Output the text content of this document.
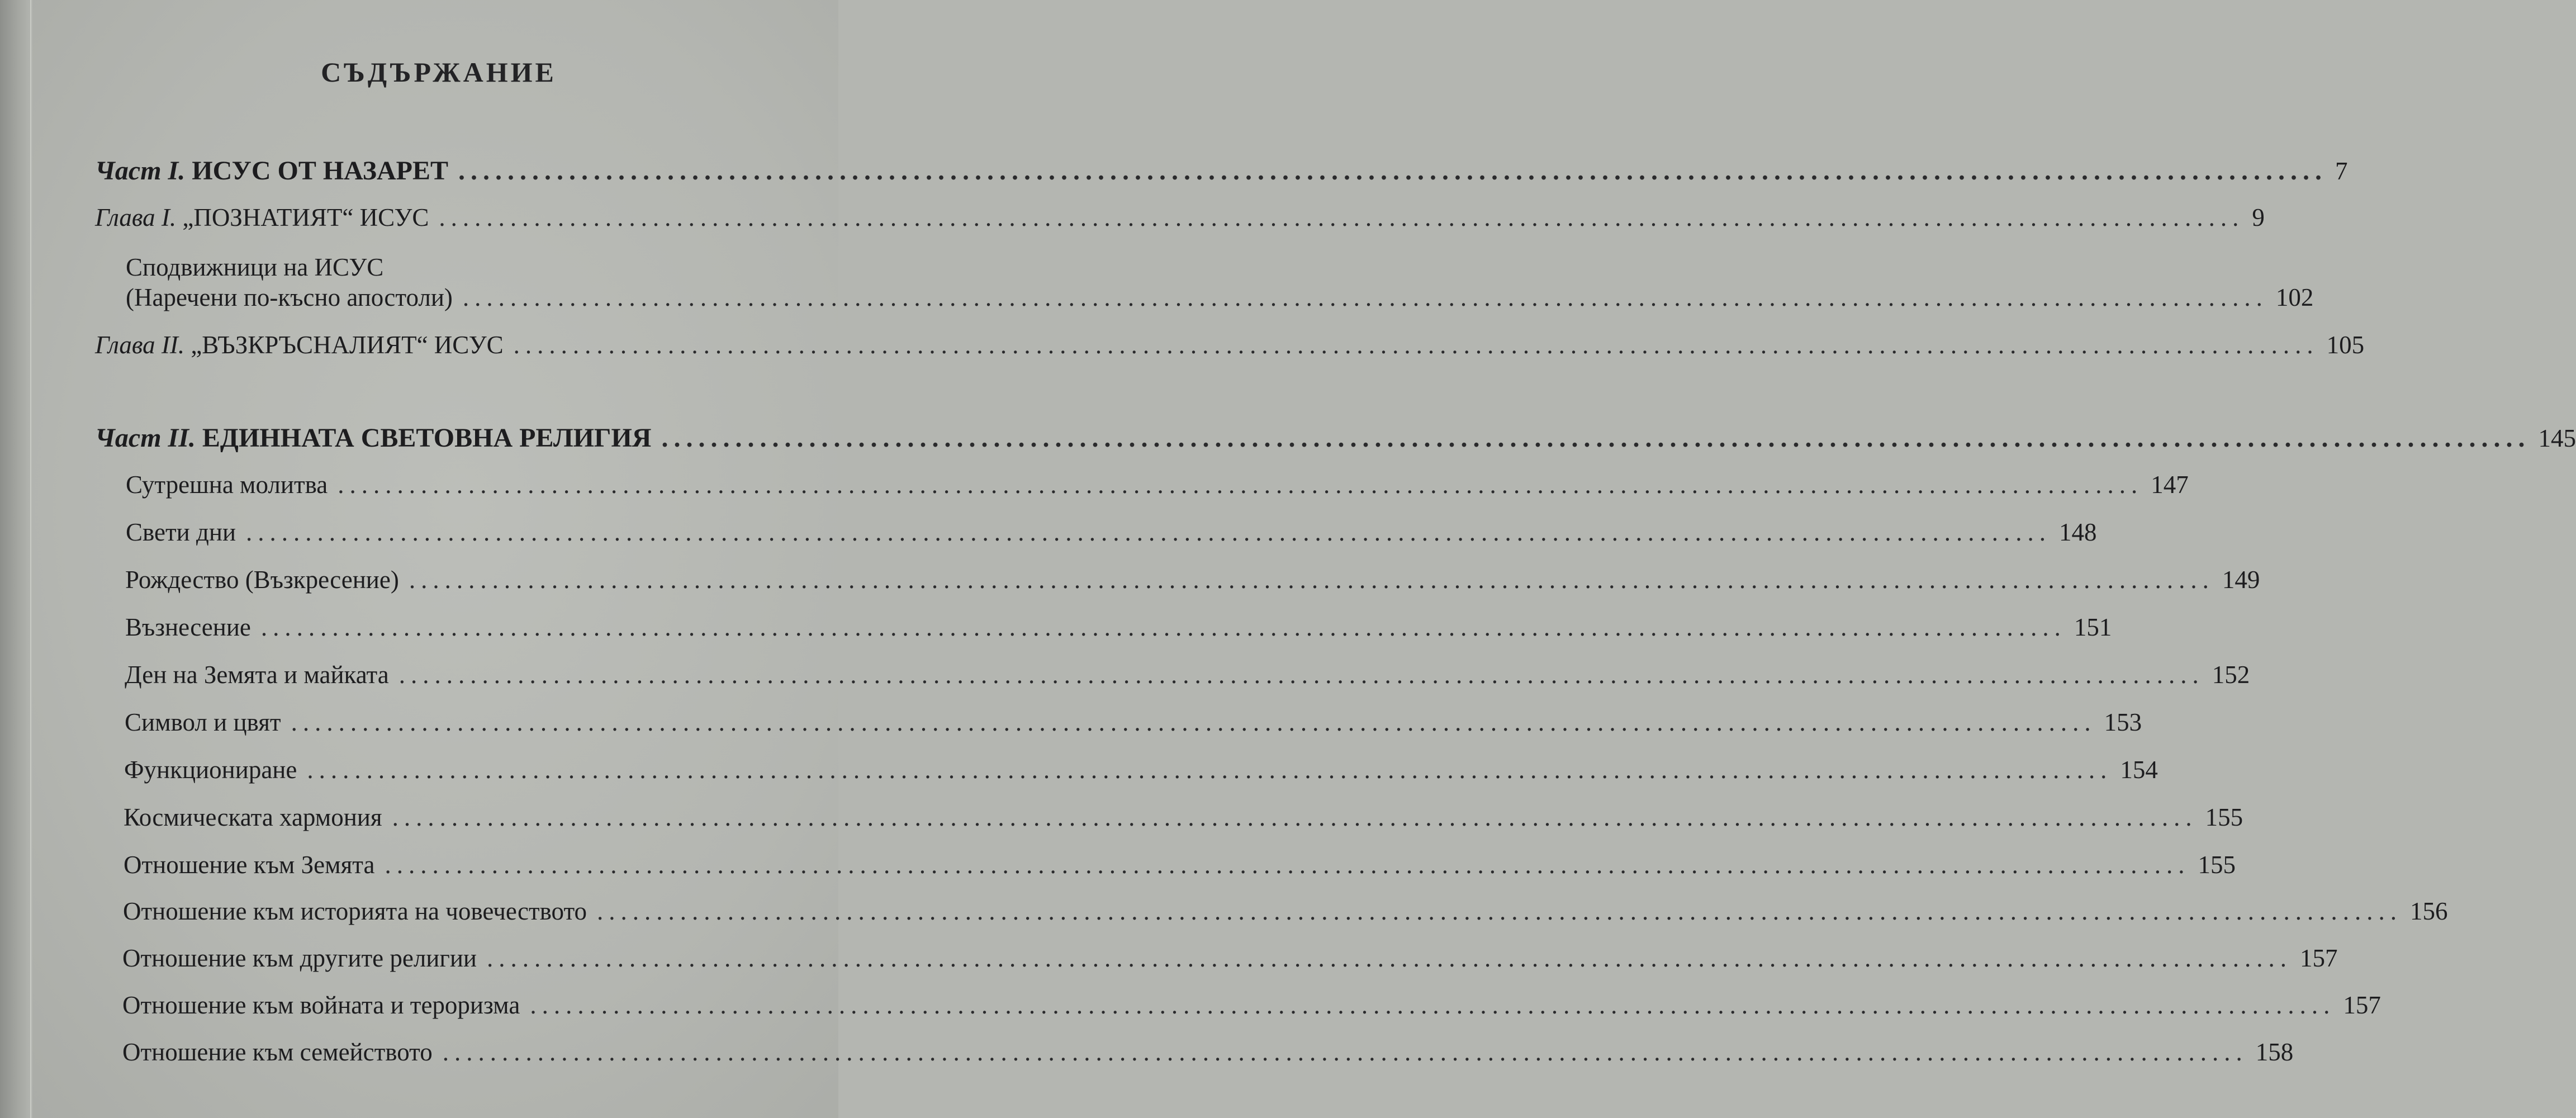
СЪДЪРЖАНИЕ
Част I. ИСУС ОТ НАЗАРЕТ ........................................................................................................................................................ 7
Глава I. „ПОЗНАТИЯТ“ ИСУС ........................................................................................................................................................ 9
Сподвижници на ИСУС
(Наречени по-късно апостоли) ........................................................................................................................................................ 102
Глава II. „ВЪЗКРЪСНАЛИЯТ“ ИСУС ........................................................................................................................................................ 105
Част II. ЕДИННАТА СВЕТОВНА РЕЛИГИЯ ........................................................................................................................................................ 145
Сутрешна молитва ........................................................................................................................................................ 147
Свети дни ........................................................................................................................................................ 148
Рождество (Възкресение) ........................................................................................................................................................ 149
Възнесение ........................................................................................................................................................ 151
Ден на Земята и майката ........................................................................................................................................................ 152
Символ и цвят ........................................................................................................................................................ 153
Функциониране ........................................................................................................................................................ 154
Космическата хармония ........................................................................................................................................................ 155
Отношение към Земята ........................................................................................................................................................ 155
Отношение към историята на човечеството ........................................................................................................................................................ 156
Отношение към другите религии ........................................................................................................................................................ 157
Отношение към войната и тероризма ........................................................................................................................................................ 157
Отношение към семейството ........................................................................................................................................................ 158
